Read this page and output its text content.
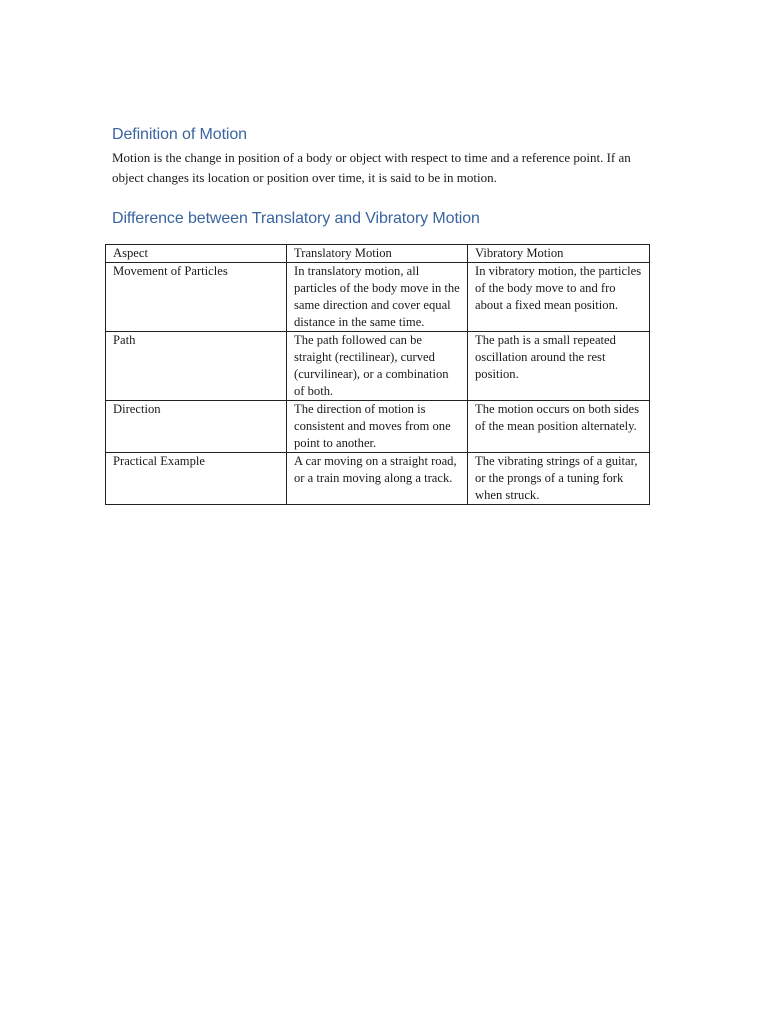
Definition of Motion

Motion is the change in position of a body or object with respect to time and a reference point. If an object changes its location or position over time, it is said to be in motion.

Difference between Translatory and Vibratory Motion
Aspect	Translatory Motion	Vibratory Motion
Movement of Particles	In translatory motion, all particles of the body move in the same direction and cover equal distance in the same time.	In vibratory motion, the particles of the body move to and fro about a fixed mean position.
Path	The path followed can be straight (rectilinear), curved (curvilinear), or a combination of both.	The path is a small repeated oscillation around the rest position.
Direction	The direction of motion is consistent and moves from one point to another.	The motion occurs on both sides of the mean position alternately.
Practical Example	A car moving on a straight road, or a train moving along a track.	The vibrating strings of a guitar, or the prongs of a tuning fork when struck.
